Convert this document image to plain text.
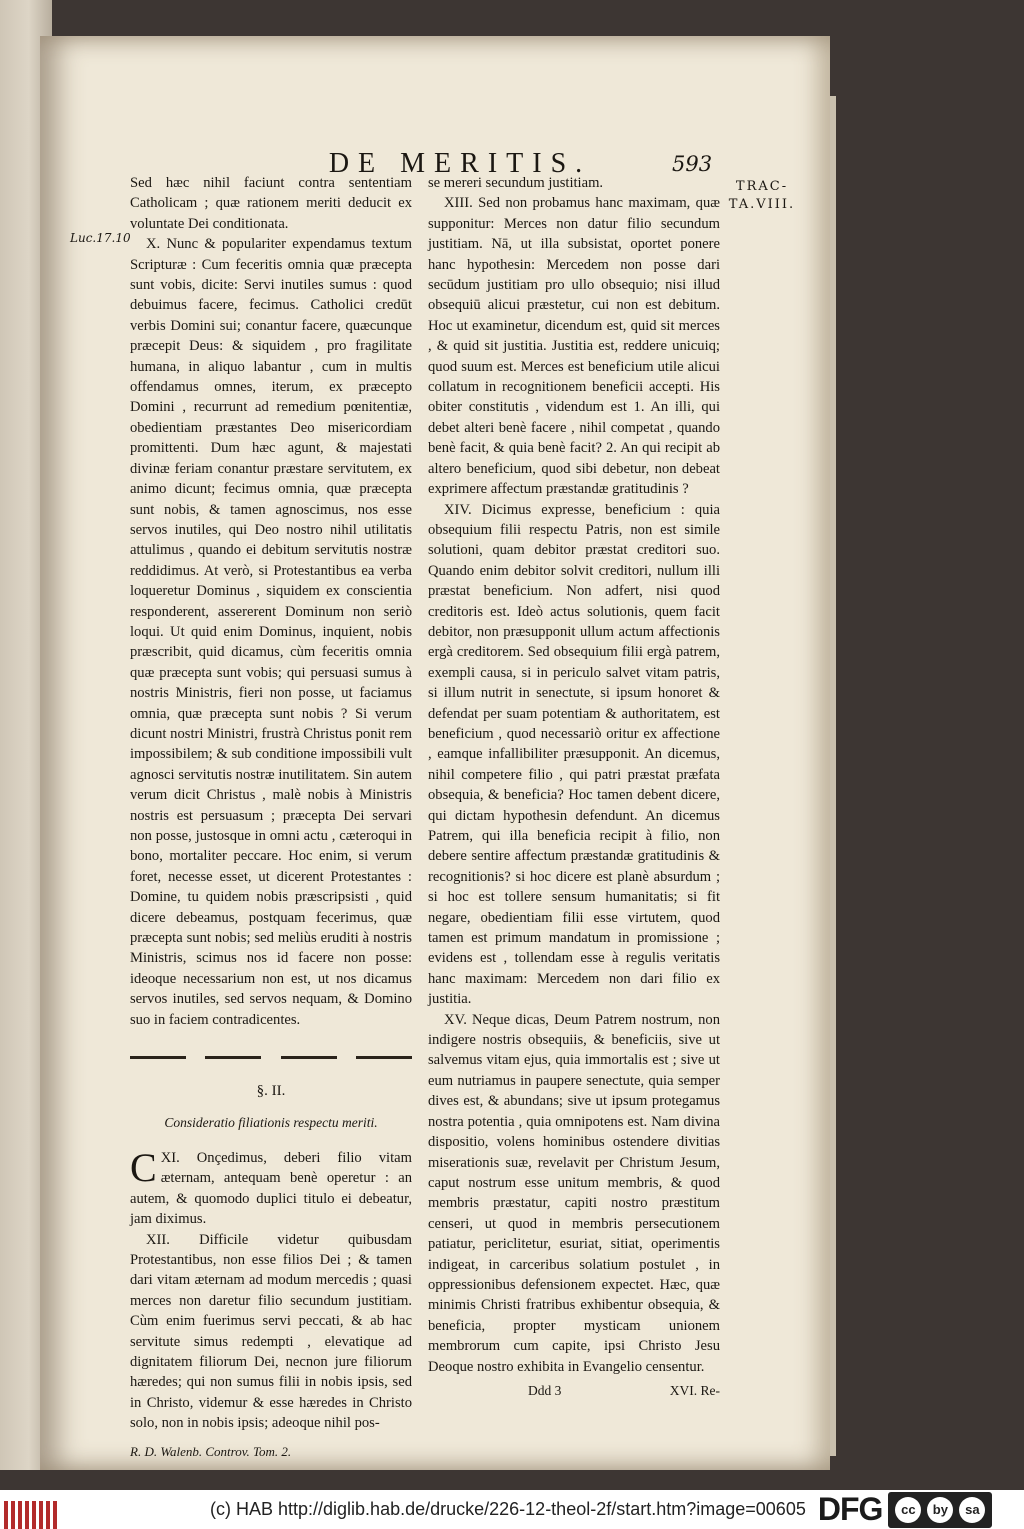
DE MERITIS.	593
TRAC-TA.VIII.
Luc.17.10

Sed hæc nihil faciunt contra sententiam Catholicam ; quæ rationem meriti deducit ex voluntate Dei conditionata.

X. Nunc & populariter expendamus textum Scripturæ : Cum feceritis omnia quæ præcepta sunt vobis, dicite: Servi inutiles sumus : quod debuimus facere, fecimus. Catholici credūt verbis Domini sui; conantur facere, quæcunque præcepit Deus: & siquidem , pro fragilitate humana, in aliquo labantur , cum in multis offendamus omnes, iterum, ex præcepto Domini , recurrunt ad remedium pœnitentiæ, obedientiam præstantes Deo misericordiam promittenti. Dum hæc agunt, & majestati divinæ feriam conantur præstare servitutem, ex animo dicunt; fecimus omnia, quæ præcepta sunt nobis, & tamen agnoscimus, nos esse servos inutiles, qui Deo nostro nihil utilitatis attulimus , quando ei debitum servitutis nostræ reddidimus. At verò, si Protestantibus ea verba loqueretur Dominus , siquidem ex conscientia responderent, assererent Dominum non seriò loqui. Ut quid enim Dominus, inquient, nobis præscribit, quid dicamus, cùm feceritis omnia quæ præcepta sunt vobis; qui persuasi sumus à nostris Ministris, fieri non posse, ut faciamus omnia, quæ præcepta sunt nobis ? Si verum dicunt nostri Ministri, frustrà Christus ponit rem impossibilem; & sub conditione impossibili vult agnosci servitutis nostræ inutilitatem. Sin autem verum dicit Christus , malè nobis à Ministris nostris est persuasum ; præcepta Dei servari non posse, justosque in omni actu , cæteroqui in bono, mortaliter peccare. Hoc enim, si verum foret, necesse esset, ut dicerent Protestantes : Domine, tu quidem nobis præscripsisti , quid dicere debeamus, postquam fecerimus, quæ præcepta sunt nobis; sed meliùs eruditi à nostris Ministris, scimus nos id facere non posse: ideoque necessarium non est, ut nos dicamus servos inutiles, sed servos nequam, & Domino suo in faciem contradicentes.

§. II.
Consideratio filiationis respectu meriti.

C XI. Onçedimus, deberi filio vitam æternam, antequam benè operetur : an autem, & quomodo duplici titulo ei debeatur, jam diximus.

XII. Difficile videtur quibusdam Protestantibus, non esse filios Dei ; & tamen dari vitam æternam ad modum mercedis ; quasi merces non daretur filio secundum justitiam. Cùm enim fuerimus servi peccati, & ab hac servitute simus redempti , elevatique ad dignitatem filiorum Dei, necnon jure filiorum hæredes; qui non sumus filii in nobis ipsis, sed in Christo, videmur & esse hæredes in Christo solo, non in nobis ipsis; adeoque nihil pos-

R. D. Walenb. Controv. Tom. 2.

se mereri secundum justitiam.

XIII. Sed non probamus hanc maximam, quæ supponitur: Merces non datur filio secundum justitiam. Nā, ut illa subsistat, oportet ponere hanc hypothesin: Mercedem non posse dari secūdum justitiam pro ullo obsequio; nisi illud obsequiū alicui præstetur, cui non est debitum. Hoc ut examinetur, dicendum est, quid sit merces , & quid sit justitia. Justitia est, reddere unicuiq; quod suum est. Merces est beneficium utile alicui collatum in recognitionem beneficii accepti. His obiter constitutis , videndum est 1. An illi, qui debet alteri benè facere , nihil competat , quando benè facit, & quia benè facit? 2. An qui recipit ab altero beneficium, quod sibi debetur, non debeat exprimere affectum præstandæ gratitudinis ?

XIV. Dicimus expresse, beneficium : quia obsequium filii respectu Patris, non est simile solutioni, quam debitor præstat creditori suo. Quando enim debitor solvit creditori, nullum illi præstat beneficium. Non adfert, nisi quod creditoris est. Ideò actus solutionis, quem facit debitor, non præsupponit ullum actum affectionis ergà creditorem. Sed obsequium filii ergà patrem, exempli causa, si in periculo salvet vitam patris, si illum nutrit in senectute, si ipsum honoret & defendat per suam potentiam & authoritatem, est beneficium , quod necessariò oritur ex affectione , eamque infallibiliter præsupponit. An dicemus, nihil competere filio , qui patri præstat præfata obsequia, & beneficia? Hoc tamen debent dicere, qui dictam hypothesin defendunt. An dicemus Patrem, qui illa beneficia recipit à filio, non debere sentire affectum præstandæ gratitudinis & recognitionis? si hoc dicere est planè absurdum ; si hoc est tollere sensum humanitatis; si fit negare, obedientiam filii esse virtutem, quod tamen est primum mandatum in promissione ; evidens est , tollendam esse à regulis veritatis hanc maximam: Mercedem non dari filio ex justitia.

XV. Neque dicas, Deum Patrem nostrum, non indigere nostris obsequiis, & beneficiis, sive ut salvemus vitam ejus, quia immortalis est ; sive ut eum nutriamus in paupere senectute, quia semper dives est, & abundans; sive ut ipsum protegamus nostra potentia , quia omnipotens est. Nam divina dispositio, volens hominibus ostendere divitias miserationis suæ, revelavit per Christum Jesum, caput nostrum esse unitum membris, & quod membris præstatur, capiti nostro præstitum censeri, ut quod in membris persecutionem patiatur, periclitetur, esuriat, sitiat, operimentis indigeat, in carceribus solatium postulet , in oppressionibus defensionem expectet. Hæc, quæ minimis Christi fratribus exhibentur obsequia, & beneficia, propter mysticam unionem membrorum cum capite, ipsi Christo Jesu Deoque nostro exhibita in Evangelio censentur.

Ddd 3	XVI. Re-
(c) HAB http://diglib.hab.de/drucke/226-12-theol-2f/start.htm?image=00605 DFG	cc	by	sa
